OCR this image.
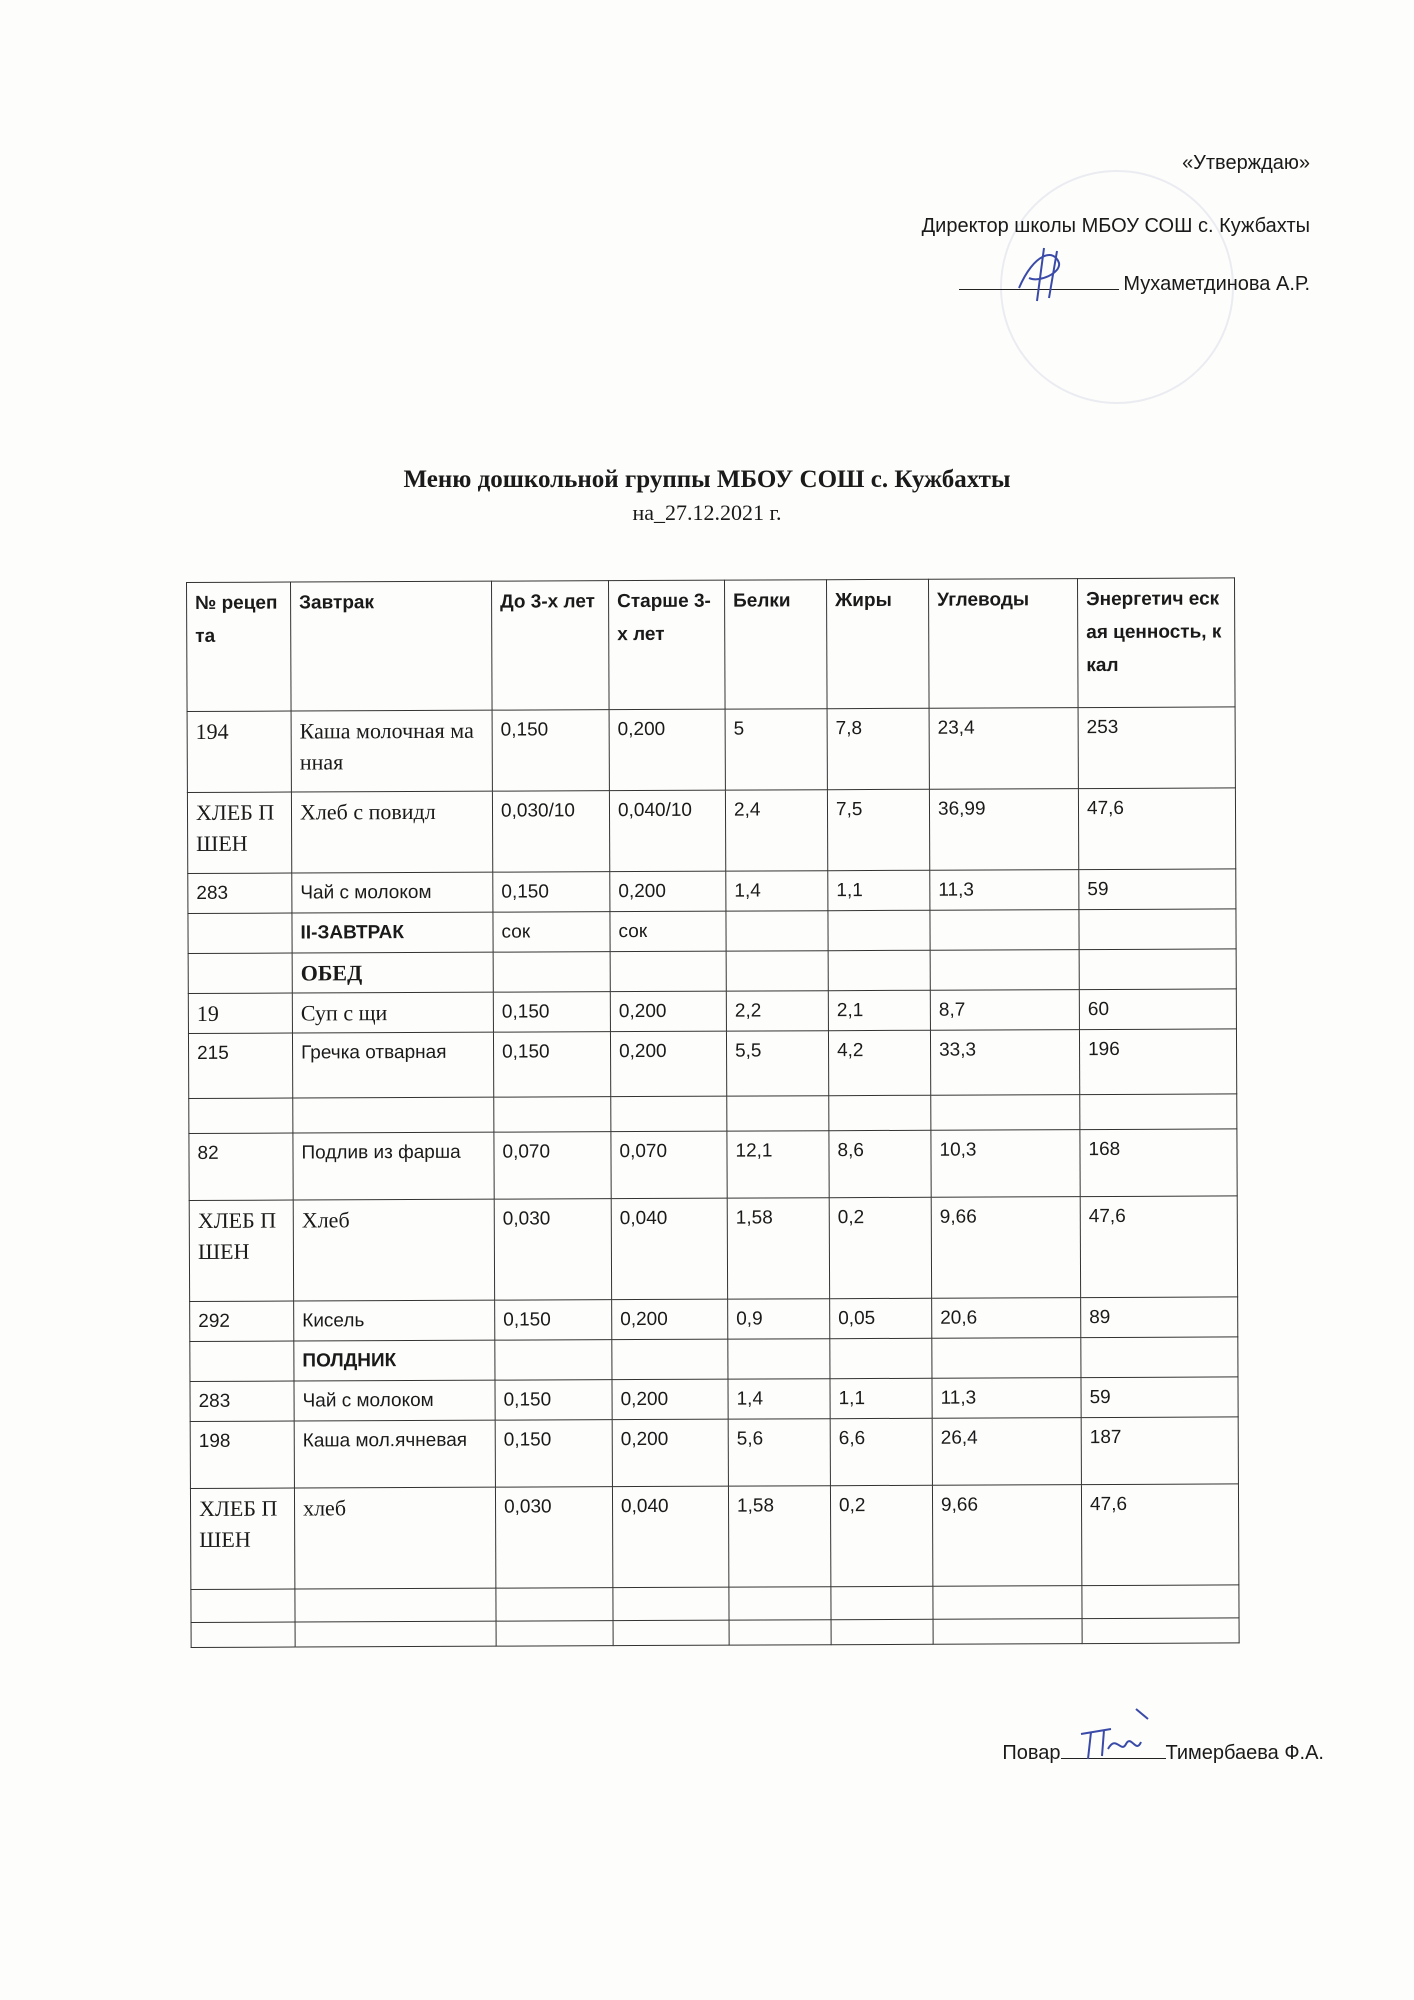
«Утверждаю»
Директор школы МБОУ СОШ с. Кужбахты
Мухаметдинова А.Р.
Меню дошкольной группы МБОУ СОШ с. Кужбахты
на_27.12.2021 г.
№ рецеп та	Завтрак	До 3-х лет	Старше 3-х лет	Белки	Жиры	Углеводы	Энергетич еская ценность, ккал
194	Каша молочная манная	0,150	0,200	5	7,8	23,4	253
ХЛЕБ ПШЕН	Хлеб с повидл	0,030/10	0,040/10	2,4	7,5	36,99	47,6
283	Чай с молоком	0,150	0,200	1,4	1,1	11,3	59
	II-ЗАВТРАК	сок	сок				
	ОБЕД						
19	Суп с щи	0,150	0,200	2,2	2,1	8,7	60
215	Гречка отварная	0,150	0,200	5,5	4,2	33,3	196

82	Подлив из фарша	0,070	0,070	12,1	8,6	10,3	168
ХЛЕБ ПШЕН	Хлеб	0,030	0,040	1,58	0,2	9,66	47,6
292	Кисель	0,150	0,200	0,9	0,05	20,6	89
	ПОЛДНИК						
283	Чай с молоком	0,150	0,200	1,4	1,1	11,3	59
198	Каша мол.ячневая	0,150	0,200	5,6	6,6	26,4	187
ХЛЕБ ПШЕН	хлеб	0,030	0,040	1,58	0,2	9,66	47,6

Повар	Тимербаева Ф.А.
